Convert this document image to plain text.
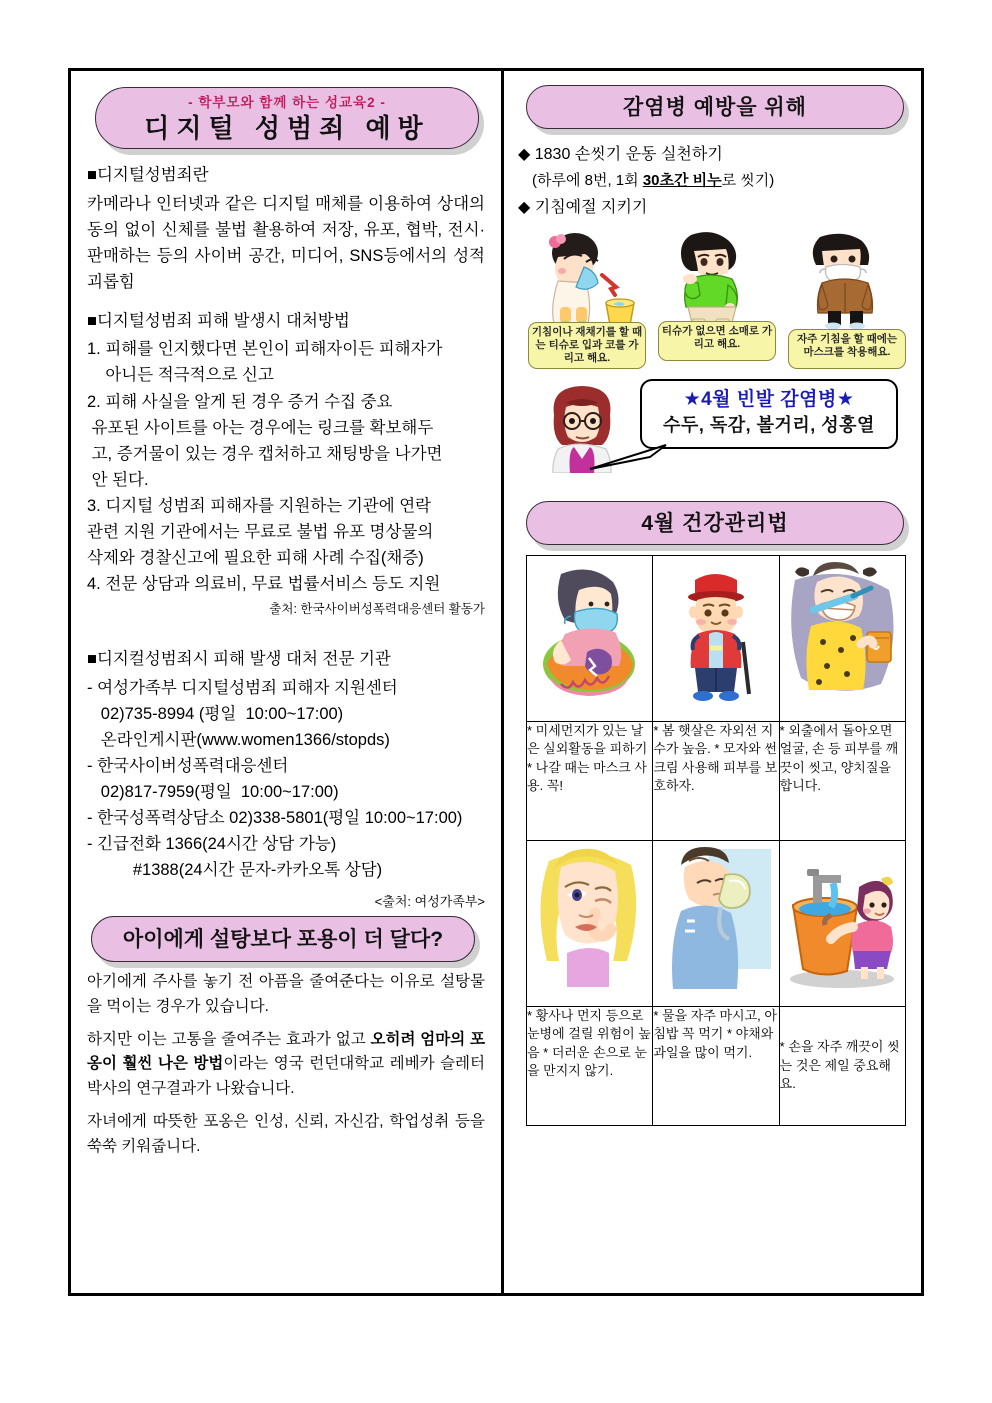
- 학부모와 함께 하는 성교육2 -
디지털 성범죄 예방
■디지털성범죄란

카메라나 인터넷과 같은 디지털 매체를 이용하여 상대의 동의 없이 신체를 불법 촬용하여 저장, 유포, 협박, 전시·판매하는 등의 사이버 공간, 미디어, SNS등에서의 성적 괴롭힘

■디지털성범죄 피해 발생시 대처방법

1. 피해를 인지했다면 본인이 피해자이든 피해자가

아니든 적극적으로 신고

2. 피해 사실을 알게 된 경우 증거 수집 중요

유포된 사이트를 아는 경우에는 링크를 확보해두

고, 증거물이 있는 경우 캡처하고 채팅방을 나가면

안 된다.

3. 디지털 성범죄 피해자를 지원하는 기관에 연락

관련 지원 기관에서는 무료로 불법 유포 명상물의

삭제와 경찰신고에 필요한 피해 사례 수집(채증)

4. 전문 상담과 의료비, 무료 법률서비스 등도 지원

출처: 한국사이버성폭력대응센터 활동가

■디지컬성범죄시 피해 발생 대처 전문 기관

- 여성가족부 디지털성범죄 피해자 지원센터

02)735-8994 (평일  10:00~17:00)

온라인게시판(www.women1366/stopds)

- 한국사이버성폭력대응센터

02)817-7959(평일  10:00~17:00)

- 한국성폭력상담소 02)338-5801(평일 10:00~17:00)

- 긴급전화 1366(24시간 상담 가능)

#1388(24시간 문자-카카오톡 상담)

<출처: 여성가족부>

아이에게 설탕보다 포용이 더 달다?

아기에게 주사를 놓기 전 아픔을 줄여준다는 이유로 설탕물을 먹이는 경우가 있습니다.

하지만 이는 고통을 줄여주는 효과가 없고 오히려 엄마의 포옹이 훨씬 나은 방법이라는 영국 런던대학교 레베카 슬레터 박사의 연구결과가 나왔습니다.

자녀에게 따뜻한 포옹은 인성, 신뢰, 자신감, 학업성취 등을 쑥쑥 키워줍니다.

감염병 예방을 위해

◆ 1830 손씻기 운동 실천하기

(하루에 8번, 1회 30초간 비누로 씻기)

◆ 기침예절 지키기

기침이나 재채기를 할 때는 티슈로 입과 코를 가리고 해요.
티슈가 없으면 소매로 가리고 해요.	자주 기침을 할 때에는 마스크를 착용해요.
★4월 빈발 감염병★
수두, 독감, 볼거리, 성홍열
4월 건강관리법

* 미세먼지가 있는 날은 실외활동을 피하기 * 나갈 때는 마스크 사용. 꼭!	* 봄 햇살은 자외선 지수가 높음. * 모자와 썬크림 사용해 피부를 보호하자.	* 외출에서 돌아오면 얼굴, 손 등 피부를 깨끗이 씻고, 양치질을 합니다.

* 황사나 먼지 등으로 눈병에 걸릴 위험이 높음 * 더러운 손으로 눈을 만지지 않기.	* 물을 자주 마시고, 아침밥 꼭 먹기 * 야채와 과일을 많이 먹기.	* 손을 자주 깨끗이 씻는 것은 제일 중요해요.
